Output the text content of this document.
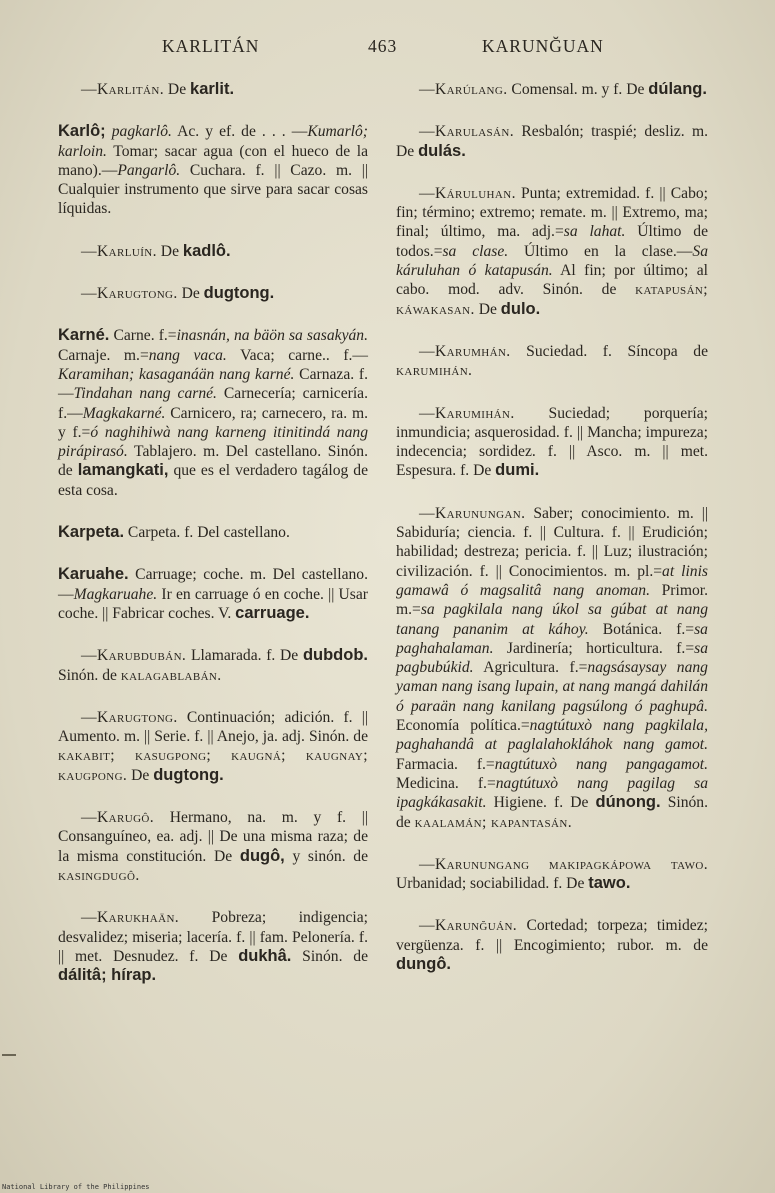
KARLITÁN	463	KARUNĞUAN

—Karlitán. De karlit.

Karlô; pagkarlô. Ac. y ef. de . . . —Kumarlô; karloin. Tomar; sacar agua (con el hueco de la mano).—Pangarlô. Cuchara. f. || Cazo. m. || Cualquier instrumento que sirve para sacar cosas líquidas.

—Karluín. De kadlô.

—Karugtong. De dugtong.

Karné. Carne. f.=inasnán, na bäön sa sasakyán. Carnaje. m.=nang vaca. Vaca; carne.. f.—Karamihan; kasaganáän nang karné. Carnaza. f.—Tindahan nang carné. Carnecería; carnicería. f.—Magkakarné. Carnicero, ra; carnecero, ra. m. y f.=ó naghihiwà nang karneng itinitindá nang pirápirasó. Tablajero. m. Del castellano. Sinón. de lamangkati, que es el verdadero tagálog de esta cosa.

Karpeta. Carpeta. f. Del castellano.

Karuahe. Carruage; coche. m. Del castellano.—Magkaruahe. Ir en carruage ó en coche. || Usar coche. || Fabricar coches. V. carruage.

—Karubdubán. Llamarada. f. De dubdob. Sinón. de kalagablabán.

—Karugtong. Continuación; adición. f. || Aumento. m. || Serie. f. || Anejo, ja. adj. Sinón. de kakabit; kasugpong; kaugná; kaugnay; kaugpong. De dugtong.

—Karugô. Hermano, na. m. y f. || Consanguíneo, ea. adj. || De una misma raza; de la misma constitución. De dugô, y sinón. de kasingdugô.

—Karukhaän. Pobreza; indigencia; desvalidez; miseria; lacería. f. || fam. Pelonería. f. || met. Desnudez. f. De dukhâ. Sinón. de dálitâ; hírap.

—Karúlang. Comensal. m. y f. De dúlang.

—Karulasán. Resbalón; traspié; desliz. m. De dulás.

—Káruluhan. Punta; extremidad. f. || Cabo; fin; término; extremo; remate. m. || Extremo, ma; final; último, ma. adj.=sa lahat. Último de todos.=sa clase. Último en la clase.—Sa káruluhan ó katapusán. Al fin; por último; al cabo. mod. adv. Sinón. de katapusán; káwakasan. De dulo.

—Karumhán. Suciedad. f. Síncopa de karumihán.

—Karumihán. Suciedad; porquería; inmundicia; asquerosidad. f. || Mancha; impureza; indecencia; sordidez. f. || Asco. m. || met. Espesura. f. De dumi.

—Karunungan. Saber; conocimiento. m. || Sabiduría; ciencia. f. || Cultura. f. || Erudición; habilidad; destreza; pericia. f. || Luz; ilustración; civilización. f. || Conocimientos. m. pl.=at linis gamawâ ó magsalitâ nang anoman. Primor. m.=sa pagkilala nang úkol sa gúbat at nang tanang pananim at káhoy. Botánica. f.=sa paghahalaman. Jardinería; horticultura. f.=sa pagbubúkid. Agricultura. f.=nagsásaysay nang yaman nang isang lupain, at nang mangá dahilán ó paraän nang kanilang pagsúlong ó paghupâ. Economía política.=nagtútuxò nang pagkilala, paghahandâ at paglalahokláhok nang gamot. Farmacia. f.=nagtútuxò nang pangagamot. Medicina. f.=nagtútuxò nang pagilag sa ipagkákasakit. Higiene. f. De dúnong. Sinón. de kaalamán; kapantasán.

—Karunungang makipagkápowa tawo. Urbanidad; sociabilidad. f. De tawo.

—Karunğuán. Cortedad; torpeza; timidez; vergüenza. f. || Encogimiento; rubor. m. de dungô.

National Library of the Philippines
